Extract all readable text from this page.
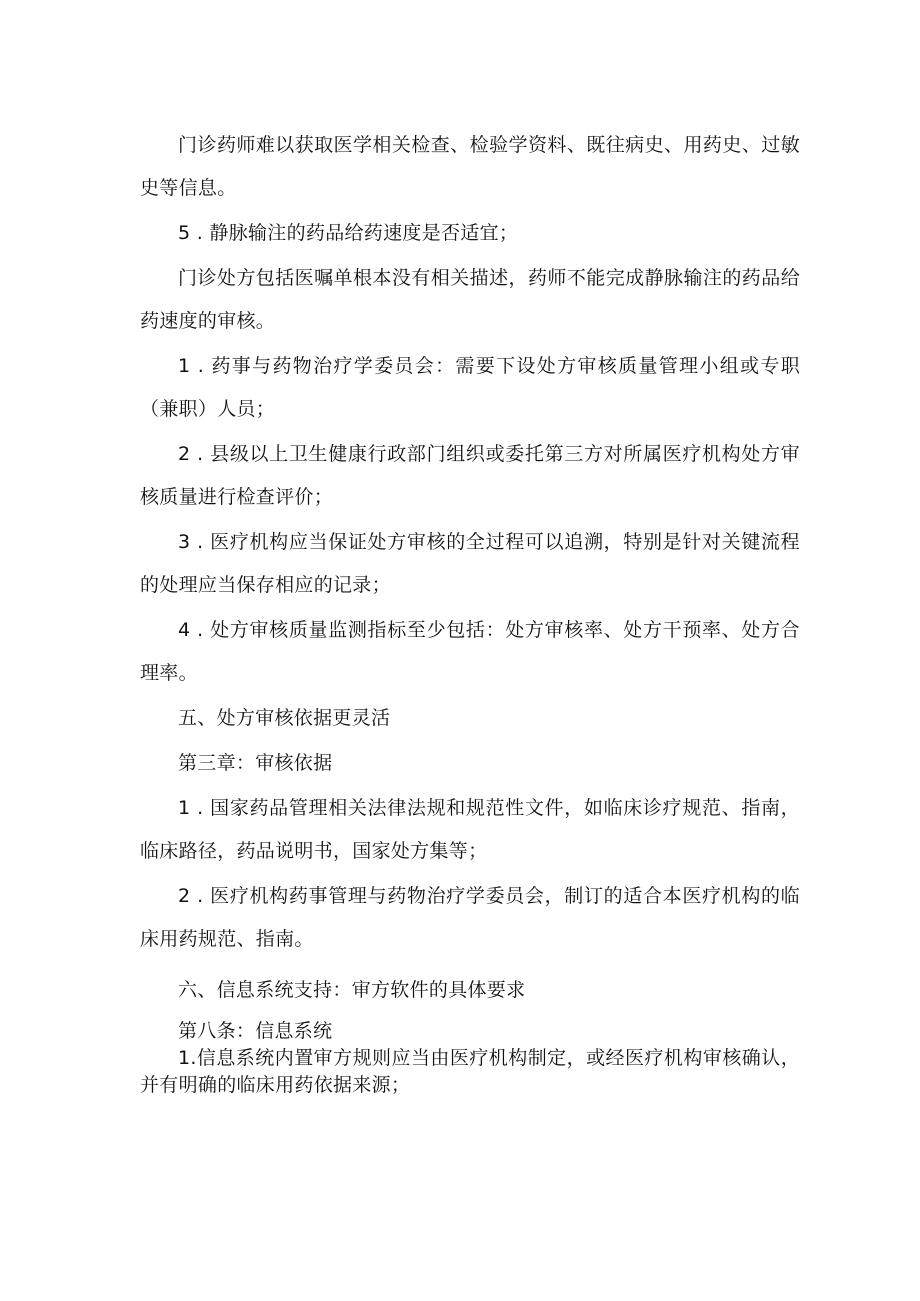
门诊药师难以获取医学相关检查、检验学资料、既往病史、用药史、过敏史等信息。

5 . 静脉输注的药品给药速度是否适宜；

门诊处方包括医嘱单根本没有相关描述，药师不能完成静脉输注的药品给药速度的审核。

1 . 药事与药物治疗学委员会：需要下设处方审核质量管理小组或专职（兼职）人员；

2 . 县级以上卫生健康行政部门组织或委托第三方对所属医疗机构处方审核质量进行检查评价；

3 . 医疗机构应当保证处方审核的全过程可以追溯，特别是针对关键流程的处理应当保存相应的记录；

4 . 处方审核质量监测指标至少包括：处方审核率、处方干预率、处方合理率。

五、处方审核依据更灵活

第三章：审核依据

1 . 国家药品管理相关法律法规和规范性文件，如临床诊疗规范、指南，临床路径，药品说明书，国家处方集等；

2 . 医疗机构药事管理与药物治疗学委员会，制订的适合本医疗机构的临床用药规范、指南。

六、信息系统支持：审方软件的具体要求

第八条：信息系统

1.信息系统内置审方规则应当由医疗机构制定，或经医疗机构审核确认，并有明确的临床用药依据来源；
